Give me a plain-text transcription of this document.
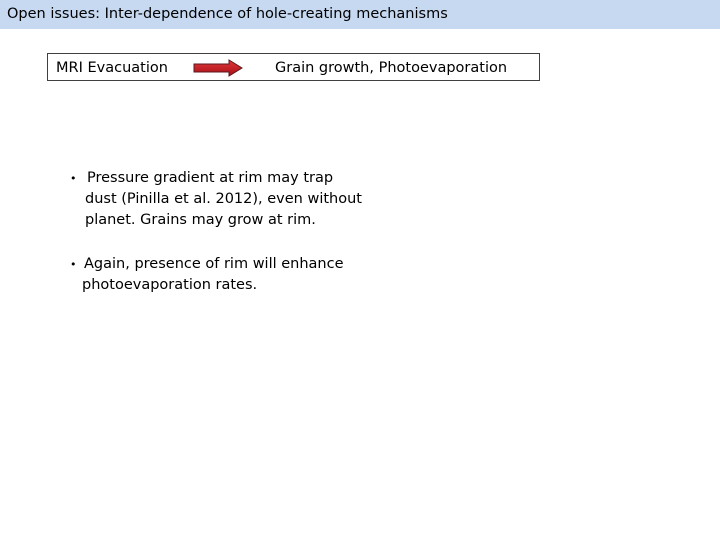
Open issues: Inter-dependence of hole-creating mechanisms
MRI Evacuation	Grain growth, Photoevaporation
• Pressure gradient at rim may trap
dust (Pinilla et al. 2012), even without
planet. Grains may grow at rim.
• Again, presence of rim will enhance
photoevaporation rates.
